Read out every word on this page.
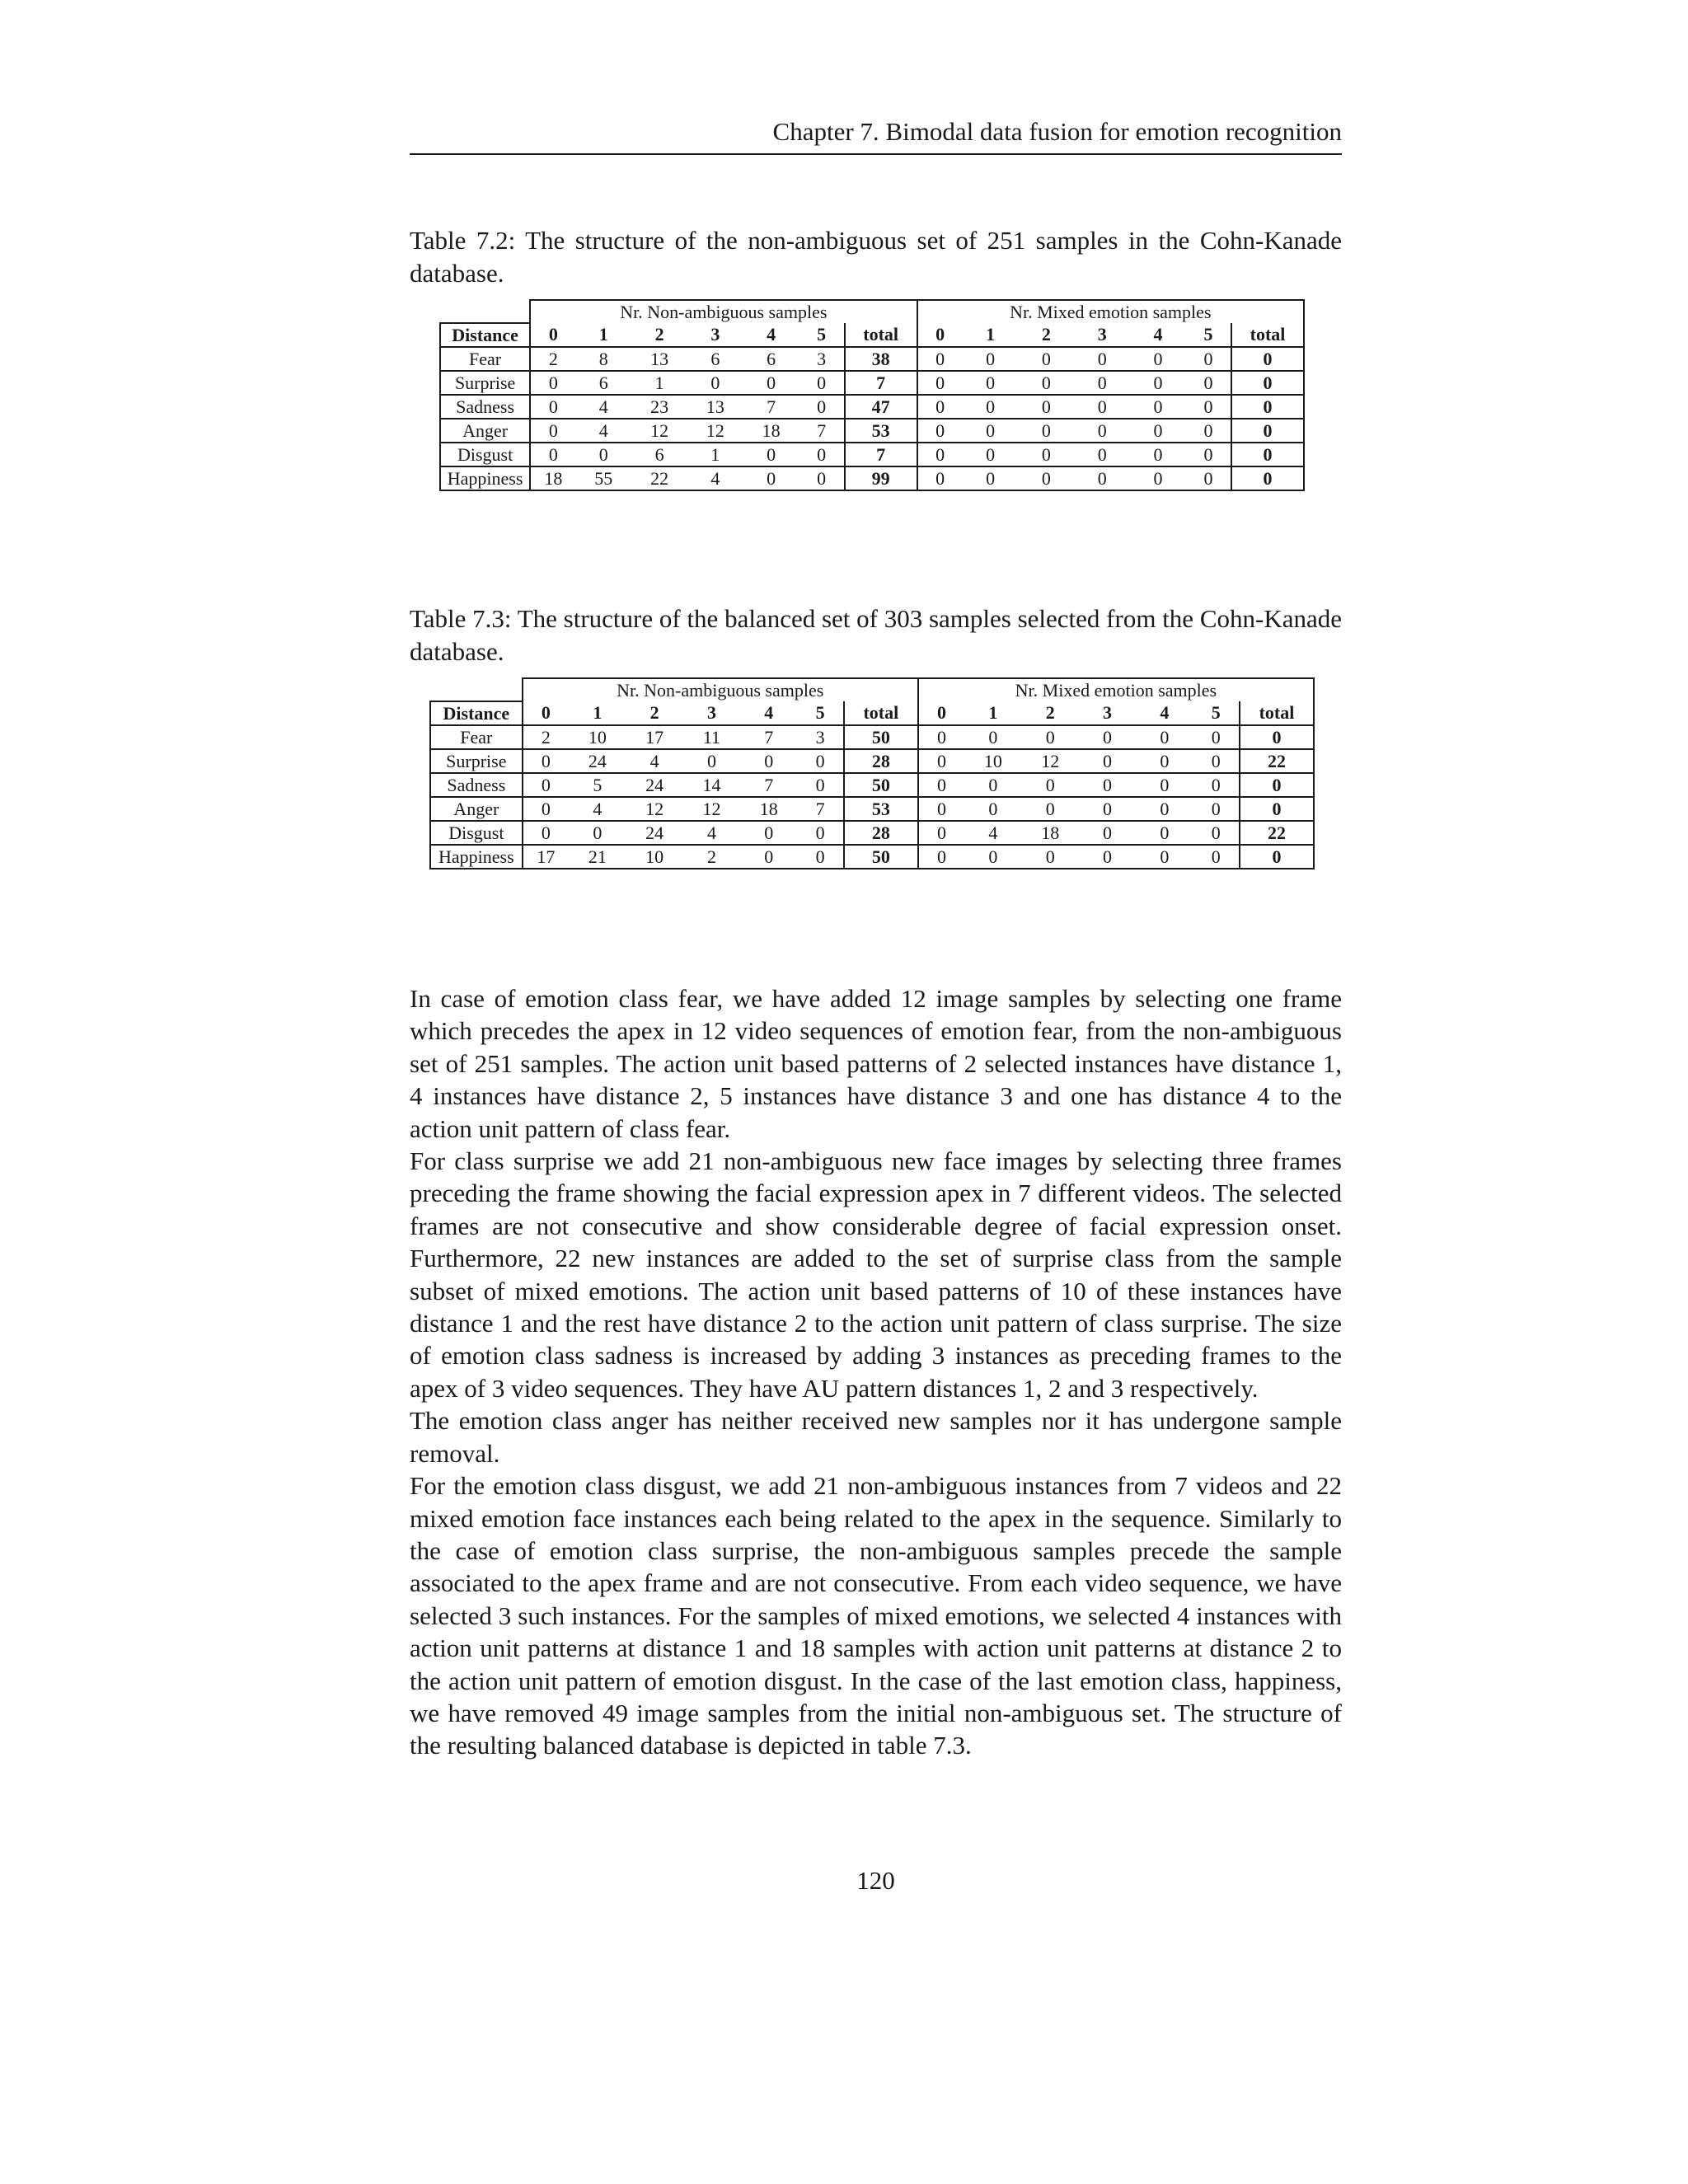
Chapter 7. Bimodal data fusion for emotion recognition
Table 7.2: The structure of the non-ambiguous set of 251 samples in the Cohn-Kanade database.
	Nr. Non-ambiguous samples							Nr. Mixed emotion samples						
Distance	0	1	2	3	4	5	total	0	1	2	3	4	5	total
Fear	2	8	13	6	6	3	38	0	0	0	0	0	0	0
Surprise	0	6	1	0	0	0	7	0	0	0	0	0	0	0
Sadness	0	4	23	13	7	0	47	0	0	0	0	0	0	0
Anger	0	4	12	12	18	7	53	0	0	0	0	0	0	0
Disgust	0	0	6	1	0	0	7	0	0	0	0	0	0	0
Happiness	18	55	22	4	0	0	99	0	0	0	0	0	0	0
Table 7.3: The structure of the balanced set of 303 samples selected from the Cohn-Kanade database.
	Nr. Non-ambiguous samples							Nr. Mixed emotion samples						
Distance	0	1	2	3	4	5	total	0	1	2	3	4	5	total
Fear	2	10	17	11	7	3	50	0	0	0	0	0	0	0
Surprise	0	24	4	0	0	0	28	0	10	12	0	0	0	22
Sadness	0	5	24	14	7	0	50	0	0	0	0	0	0	0
Anger	0	4	12	12	18	7	53	0	0	0	0	0	0	0
Disgust	0	0	24	4	0	0	28	0	4	18	0	0	0	22
Happiness	17	21	10	2	0	0	50	0	0	0	0	0	0	0

In case of emotion class fear, we have added 12 image samples by selecting one frame which precedes the apex in 12 video sequences of emotion fear, from the non-ambiguous set of 251 samples. The action unit based patterns of 2 selected instances have distance 1, 4 instances have distance 2, 5 instances have distance 3 and one has distance 4 to the action unit pattern of class fear.

For class surprise we add 21 non-ambiguous new face images by selecting three frames preceding the frame showing the facial expression apex in 7 different videos. The selected frames are not consecutive and show considerable degree of facial expression onset. Furthermore, 22 new instances are added to the set of surprise class from the sample subset of mixed emotions. The action unit based patterns of 10 of these instances have distance 1 and the rest have distance 2 to the action unit pattern of class surprise. The size of emotion class sadness is increased by adding 3 instances as preceding frames to the apex of 3 video sequences. They have AU pattern distances 1, 2 and 3 respectively.

The emotion class anger has neither received new samples nor it has undergone sample removal.

For the emotion class disgust, we add 21 non-ambiguous instances from 7 videos and 22 mixed emotion face instances each being related to the apex in the sequence. Similarly to the case of emotion class surprise, the non-ambiguous samples precede the sample associated to the apex frame and are not consecutive. From each video sequence, we have selected 3 such instances. For the samples of mixed emotions, we selected 4 instances with action unit patterns at distance 1 and 18 samples with action unit patterns at distance 2 to the action unit pattern of emotion disgust. In the case of the last emotion class, happiness, we have removed 49 image samples from the initial non-ambiguous set. The structure of the resulting balanced database is depicted in table 7.3.

120
